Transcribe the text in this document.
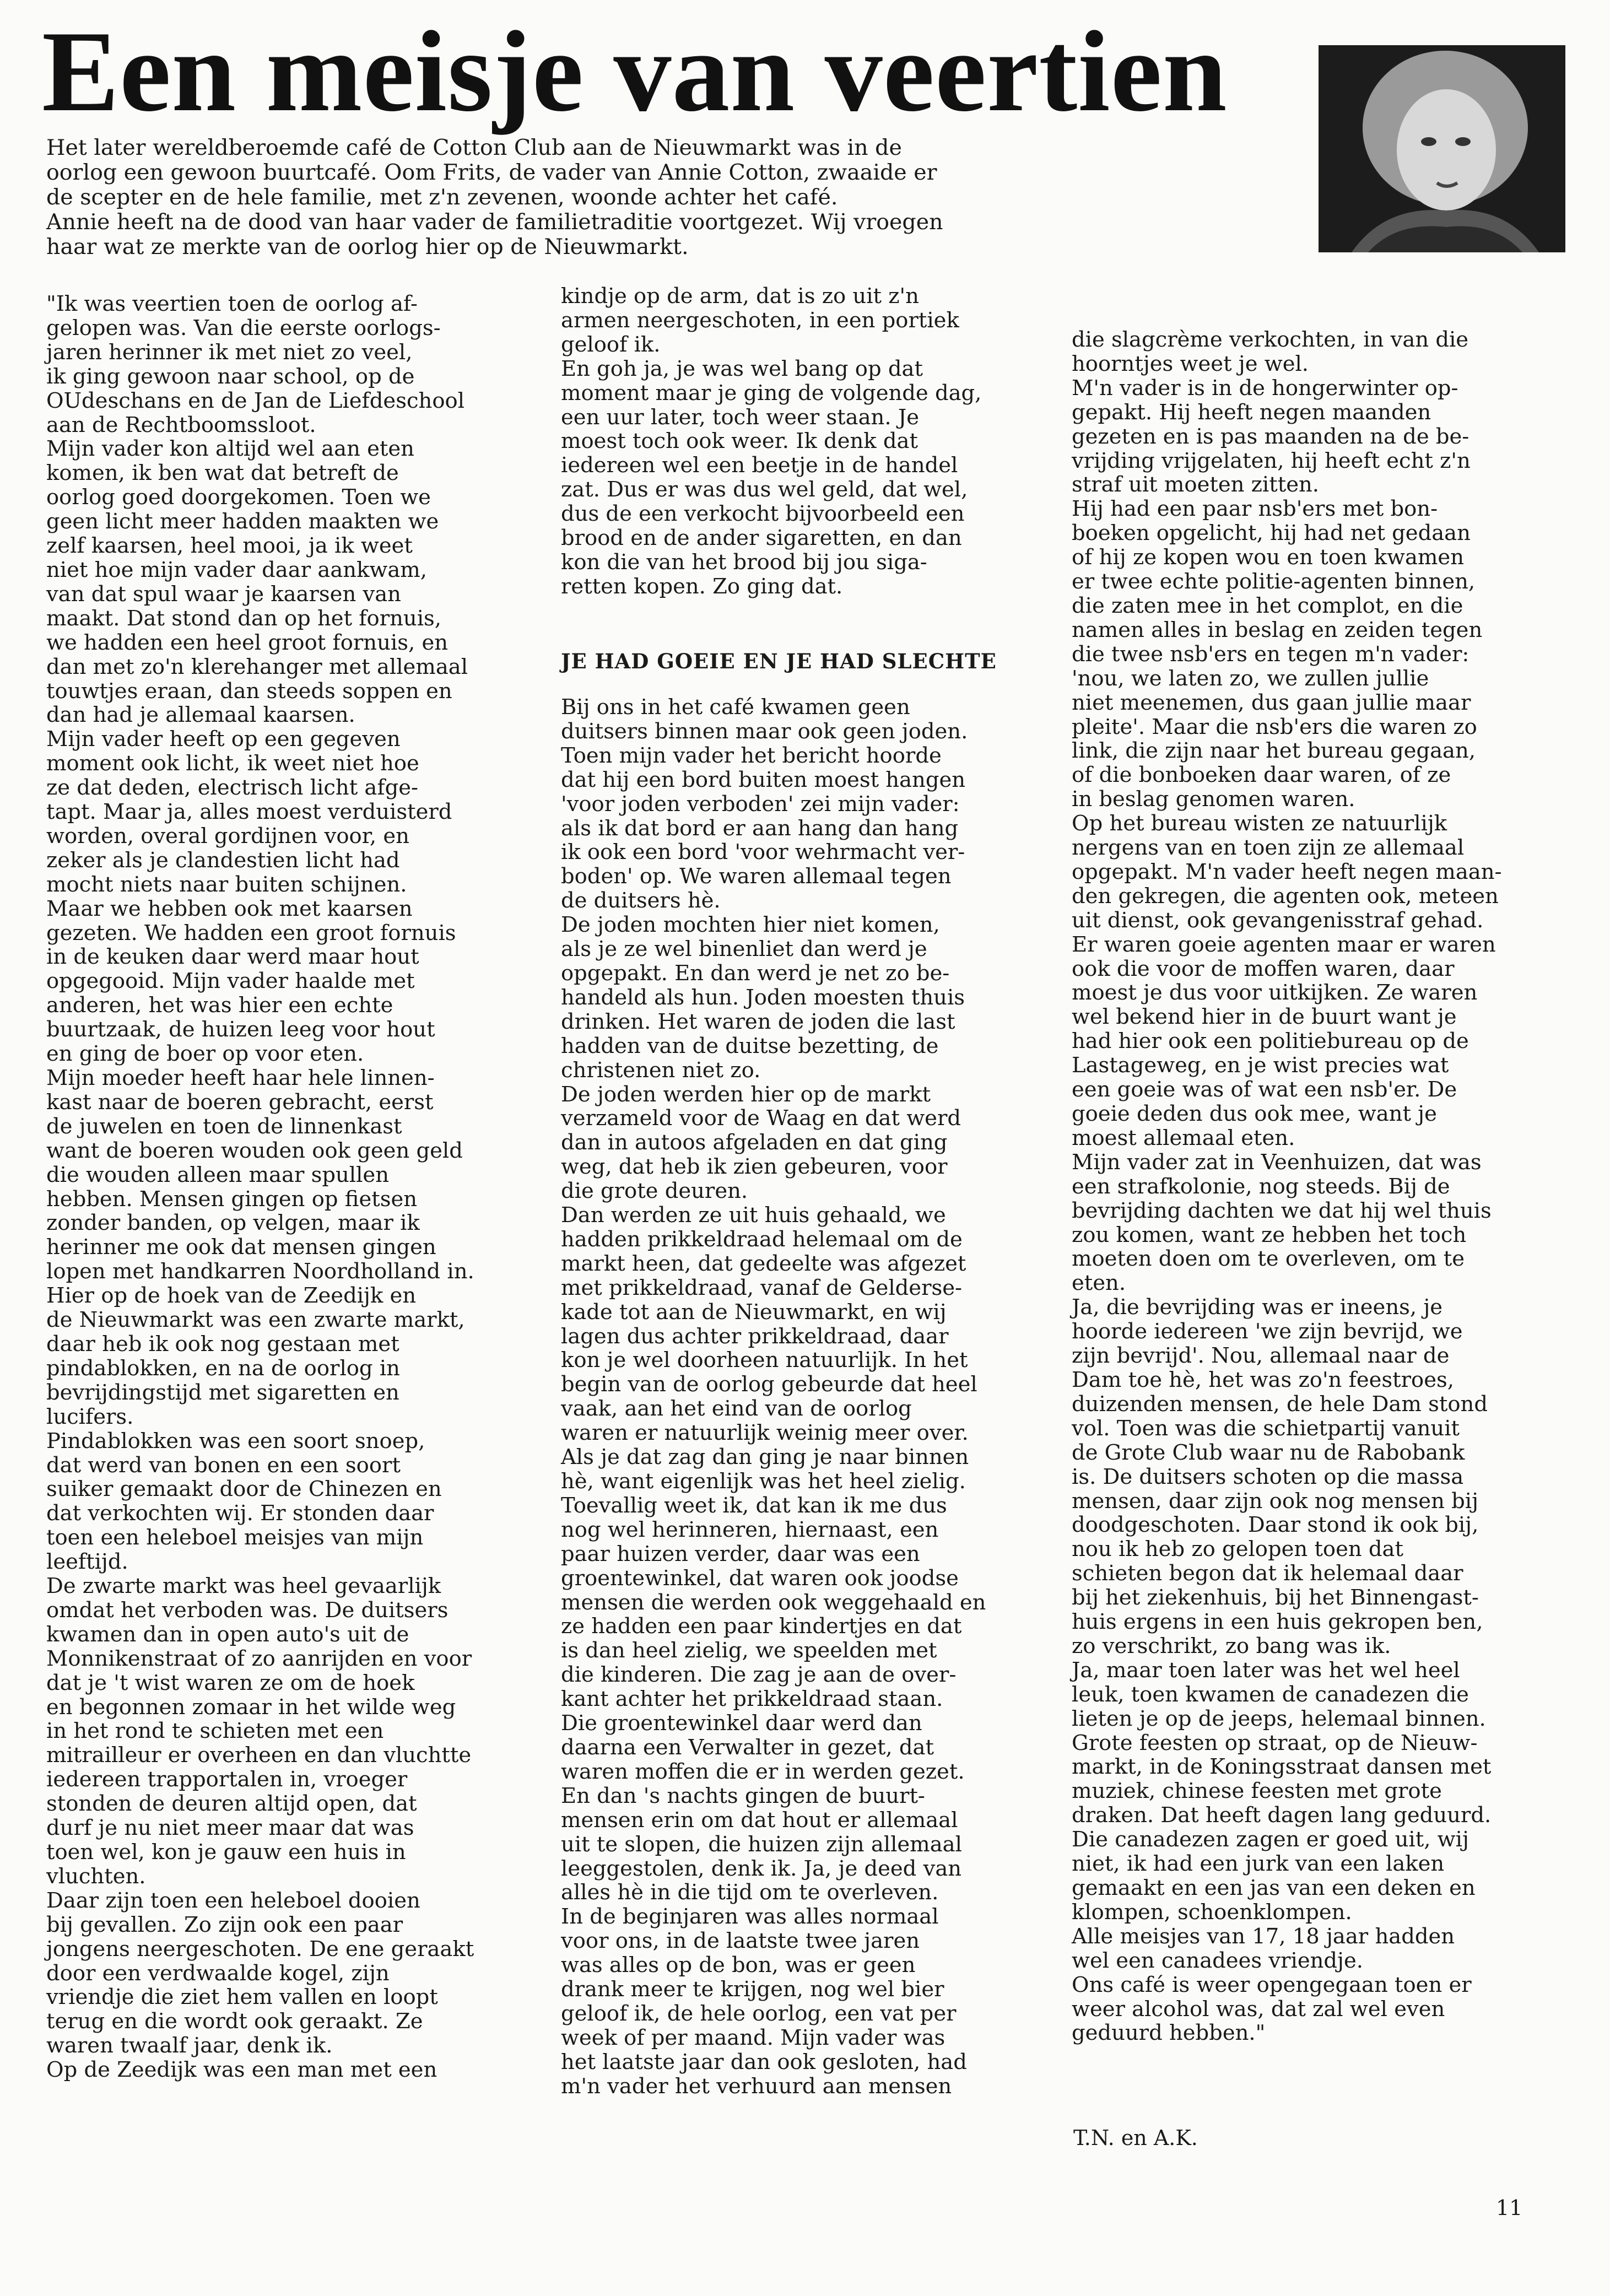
Een meisje van veertien
Het later wereldberoemde café de Cotton Club aan de Nieuwmarkt was in de
oorlog een gewoon buurtcafé. Oom Frits, de vader van Annie Cotton, zwaaide er
de scepter en de hele familie, met z'n zevenen, woonde achter het café.
Annie heeft na de dood van haar vader de familietraditie voortgezet. Wij vroegen
haar wat ze merkte van de oorlog hier op de Nieuwmarkt.
"Ik was veertien toen de oorlog af-
gelopen was. Van die eerste oorlogs-
jaren herinner ik met niet zo veel,
ik ging gewoon naar school, op de
OUdeschans en de Jan de Liefdeschool
aan de Rechtboomssloot.
Mijn vader kon altijd wel aan eten
komen, ik ben wat dat betreft de
oorlog goed doorgekomen. Toen we
geen licht meer hadden maakten we
zelf kaarsen, heel mooi, ja ik weet
niet hoe mijn vader daar aankwam,
van dat spul waar je kaarsen van
maakt. Dat stond dan op het fornuis,
we hadden een heel groot fornuis, en
dan met zo'n klerehanger met allemaal
touwtjes eraan, dan steeds soppen en
dan had je allemaal kaarsen.
Mijn vader heeft op een gegeven
moment ook licht, ik weet niet hoe
ze dat deden, electrisch licht afge-
tapt. Maar ja, alles moest verduisterd
worden, overal gordijnen voor, en
zeker als je clandestien licht had
mocht niets naar buiten schijnen.
Maar we hebben ook met kaarsen
gezeten. We hadden een groot fornuis
in de keuken daar werd maar hout
opgegooid. Mijn vader haalde met
anderen, het was hier een echte
buurtzaak, de huizen leeg voor hout
en ging de boer op voor eten.
Mijn moeder heeft haar hele linnen-
kast naar de boeren gebracht, eerst
de juwelen en toen de linnenkast
want de boeren wouden ook geen geld
die wouden alleen maar spullen
hebben. Mensen gingen op fietsen
zonder banden, op velgen, maar ik
herinner me ook dat mensen gingen
lopen met handkarren Noordholland in.
Hier op de hoek van de Zeedijk en
de Nieuwmarkt was een zwarte markt,
daar heb ik ook nog gestaan met
pindablokken, en na de oorlog in
bevrijdingstijd met sigaretten en
lucifers.
Pindablokken was een soort snoep,
dat werd van bonen en een soort
suiker gemaakt door de Chinezen en
dat verkochten wij. Er stonden daar
toen een heleboel meisjes van mijn
leeftijd.
De zwarte markt was heel gevaarlijk
omdat het verboden was. De duitsers
kwamen dan in open auto's uit de
Monnikenstraat of zo aanrijden en voor
dat je 't wist waren ze om de hoek
en begonnen zomaar in het wilde weg
in het rond te schieten met een
mitrailleur er overheen en dan vluchtte
iedereen trapportalen in, vroeger
stonden de deuren altijd open, dat
durf je nu niet meer maar dat was
toen wel, kon je gauw een huis in
vluchten.
Daar zijn toen een heleboel dooien
bij gevallen. Zo zijn ook een paar
jongens neergeschoten. De ene geraakt
door een verdwaalde kogel, zijn
vriendje die ziet hem vallen en loopt
terug en die wordt ook geraakt. Ze
waren twaalf jaar, denk ik.
Op de Zeedijk was een man met een
kindje op de arm, dat is zo uit z'n
armen neergeschoten, in een portiek
geloof ik.
En goh ja, je was wel bang op dat
moment maar je ging de volgende dag,
een uur later, toch weer staan. Je
moest toch ook weer. Ik denk dat
iedereen wel een beetje in de handel
zat. Dus er was dus wel geld, dat wel,
dus de een verkocht bijvoorbeeld een
brood en de ander sigaretten, en dan
kon die van het brood bij jou siga-
retten kopen. Zo ging dat.
JE HAD GOEIE EN JE HAD SLECHTE
Bij ons in het café kwamen geen
duitsers binnen maar ook geen joden.
Toen mijn vader het bericht hoorde
dat hij een bord buiten moest hangen
'voor joden verboden' zei mijn vader:
als ik dat bord er aan hang dan hang
ik ook een bord 'voor wehrmacht ver-
boden' op. We waren allemaal tegen
de duitsers hè.
De joden mochten hier niet komen,
als je ze wel binenliet dan werd je
opgepakt. En dan werd je net zo be-
handeld als hun. Joden moesten thuis
drinken. Het waren de joden die last
hadden van de duitse bezetting, de
christenen niet zo.
De joden werden hier op de markt
verzameld voor de Waag en dat werd
dan in autoos afgeladen en dat ging
weg, dat heb ik zien gebeuren, voor
die grote deuren.
Dan werden ze uit huis gehaald, we
hadden prikkeldraad helemaal om de
markt heen, dat gedeelte was afgezet
met prikkeldraad, vanaf de Geldersе-
kade tot aan de Nieuwmarkt, en wij
lagen dus achter prikkeldraad, daar
kon je wel doorheen natuurlijk. In het
begin van de oorlog gebeurde dat heel
vaak, aan het eind van de oorlog
waren er natuurlijk weinig meer over.
Als je dat zag dan ging je naar binnen
hè, want eigenlijk was het heel zielig.
Toevallig weet ik, dat kan ik me dus
nog wel herinneren, hiernaast, een
paar huizen verder, daar was een
groentewinkel, dat waren ook joodse
mensen die werden ook weggehaald en
ze hadden een paar kindertjes en dat
is dan heel zielig, we speelden met
die kinderen. Die zag je aan de over-
kant achter het prikkeldraad staan.
Die groentewinkel daar werd dan
daarna een Verwalter in gezet, dat
waren moffen die er in werden gezet.
En dan 's nachts gingen de buurt-
mensen erin om dat hout er allemaal
uit te slopen, die huizen zijn allemaal
leeggestolen, denk ik. Ja, je deed van
alles hè in die tijd om te overleven.
In de beginjaren was alles normaal
voor ons, in de laatste twee jaren
was alles op de bon, was er geen
drank meer te krijgen, nog wel bier
geloof ik, de hele oorlog, een vat per
week of per maand. Mijn vader was
het laatste jaar dan ook gesloten, had
m'n vader het verhuurd aan mensen
die slagcrème verkochten, in van die
hoorntjes weet je wel.
M'n vader is in de hongerwinter op-
gepakt. Hij heeft negen maanden
gezeten en is pas maanden na de be-
vrijding vrijgelaten, hij heeft echt z'n
straf uit moeten zitten.
Hij had een paar nsb'ers met bon-
boeken opgelicht, hij had net gedaan
of hij ze kopen wou en toen kwamen
er twee echte politie-agenten binnen,
die zaten mee in het complot, en die
namen alles in beslag en zeiden tegen
die twee nsb'ers en tegen m'n vader:
'nou, we laten zo, we zullen jullie
niet meenemen, dus gaan jullie maar
pleite'. Maar die nsb'ers die waren zo
link, die zijn naar het bureau gegaan,
of die bonboeken daar waren, of ze
in beslag genomen waren.
Op het bureau wisten ze natuurlijk
nergens van en toen zijn ze allemaal
opgepakt. M'n vader heeft negen maan-
den gekregen, die agenten ook, meteen
uit dienst, ook gevangenisstraf gehad.
Er waren goeie agenten maar er waren
ook die voor de moffen waren, daar
moest je dus voor uitkijken. Ze waren
wel bekend hier in de buurt want je
had hier ook een politiebureau op de
Lastageweg, en je wist precies wat
een goeie was of wat een nsb'er. De
goeie deden dus ook mee, want je
moest allemaal eten.
Mijn vader zat in Veenhuizen, dat was
een strafkolonie, nog steeds. Bij de
bevrijding dachten we dat hij wel thuis
zou komen, want ze hebben het toch
moeten doen om te overleven, om te
eten.
Ja, die bevrijding was er ineens, je
hoorde iedereen 'we zijn bevrijd, we
zijn bevrijd'. Nou, allemaal naar de
Dam toe hè, het was zo'n feestroes,
duizenden mensen, de hele Dam stond
vol. Toen was die schietpartij vanuit
de Grote Club waar nu de Rabobank
is. De duitsers schoten op die massa
mensen, daar zijn ook nog mensen bij
doodgeschoten. Daar stond ik ook bij,
nou ik heb zo gelopen toen dat
schieten begon dat ik helemaal daar
bij het ziekenhuis, bij het Binnengast-
huis ergens in een huis gekropen ben,
zo verschrikt, zo bang was ik.
Ja, maar toen later was het wel heel
leuk, toen kwamen de canadezen die
lieten je op de jeeps, helemaal binnen.
Grote feesten op straat, op de Nieuw-
markt, in de Koningsstraat dansen met
muziek, chinese feesten met grote
draken. Dat heeft dagen lang geduurd.
Die canadezen zagen er goed uit, wij
niet, ik had een jurk van een laken
gemaakt en een jas van een deken en
klompen, schoenklompen.
Alle meisjes van 17, 18 jaar hadden
wel een canadees vriendje.
Ons café is weer opengegaan toen er
weer alcohol was, dat zal wel even
geduurd hebben."
T.N. en A.K.
11
